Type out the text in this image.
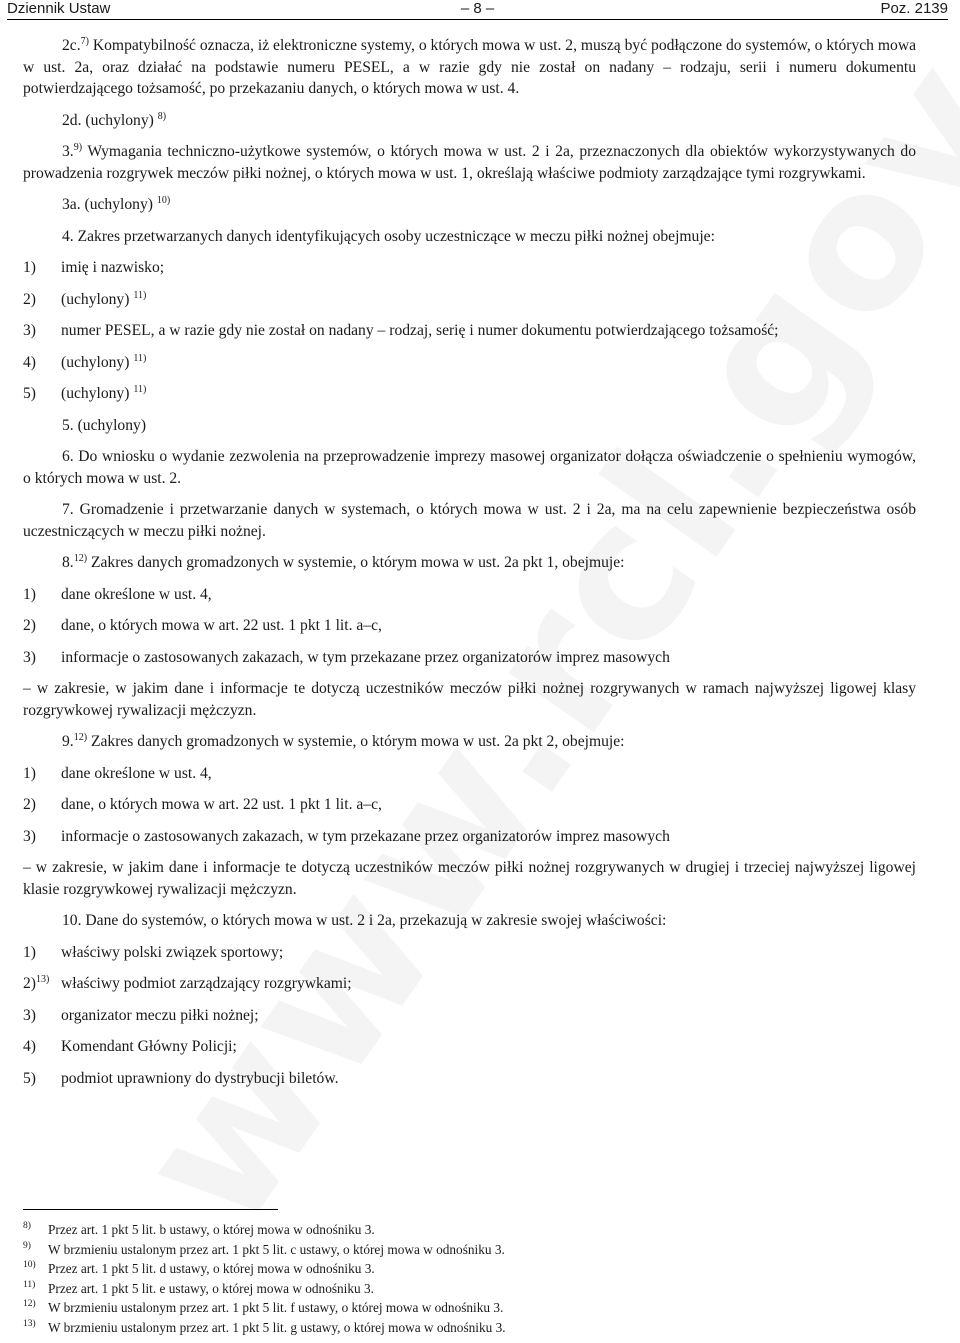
Dziennik Ustaw	– 8 –	Poz. 2139

2c.$^{7)}$ Kompatybilność oznacza, iż elektroniczne systemy, o których mowa w ust. 2, muszą być podłączone do systemów, o których mowa w ust. 2a, oraz działać na podstawie numeru PESEL, a w razie gdy nie został on nadany – rodzaju, serii i numeru dokumentu potwierdzającego tożsamość, po przekazaniu danych, o których mowa w ust. 4.

2d. (uchylony) $^{8)}$

3.$^{9)}$ Wymagania techniczno-użytkowe systemów, o których mowa w ust. 2 i 2a, przeznaczonych dla obiektów wykorzystywanych do prowadzenia rozgrywek meczów piłki nożnej, o których mowa w ust. 1, określają właściwe podmioty zarządzające tymi rozgrywkami.

3a. (uchylony) $^{10)}$

4. Zakres przetwarzanych danych identyfikujących osoby uczestniczące w meczu piłki nożnej obejmuje:

1)	imię i nazwisko;
2)	(uchylony) $^{11)}$
3)	numer PESEL, a w razie gdy nie został on nadany – rodzaj, serię i numer dokumentu potwierdzającego tożsamość;
4)	(uchylony) $^{11)}$
5)	(uchylony) $^{11)}$

5. (uchylony)

6. Do wniosku o wydanie zezwolenia na przeprowadzenie imprezy masowej organizator dołącza oświadczenie o spełnieniu wymogów, o których mowa w ust. 2.

7. Gromadzenie i przetwarzanie danych w systemach, o których mowa w ust. 2 i 2a, ma na celu zapewnienie bezpieczeństwa osób uczestniczących w meczu piłki nożnej.

8.$^{12)}$ Zakres danych gromadzonych w systemie, o którym mowa w ust. 2a pkt 1, obejmuje:

1)	dane określone w ust. 4,
2)	dane, o których mowa w art. 22 ust. 1 pkt 1 lit. a–c,
3)	informacje o zastosowanych zakazach, w tym przekazane przez organizatorów imprez masowych

– w zakresie, w jakim dane i informacje te dotyczą uczestników meczów piłki nożnej rozgrywanych w ramach najwyższej ligowej klasy rozgrywkowej rywalizacji mężczyzn.

9.$^{12)}$ Zakres danych gromadzonych w systemie, o którym mowa w ust. 2a pkt 2, obejmuje:

1)	dane określone w ust. 4,
2)	dane, o których mowa w art. 22 ust. 1 pkt 1 lit. a–c,
3)	informacje o zastosowanych zakazach, w tym przekazane przez organizatorów imprez masowych

– w zakresie, w jakim dane i informacje te dotyczą uczestników meczów piłki nożnej rozgrywanych w drugiej i trzeciej najwyższej ligowej klasie rozgrywkowej rywalizacji mężczyzn.

10. Dane do systemów, o których mowa w ust. 2 i 2a, przekazują w zakresie swojej właściwości:

1)	właściwy polski związek sportowy;
2)$^{13)}$ właściwy podmiot zarządzający rozgrywkami;
3)	organizator meczu piłki nożnej;
4)	Komendant Główny Policji;
5)	podmiot uprawniony do dystrybucji biletów.
8)	Przez art. 1 pkt 5 lit. b ustawy, o której mowa w odnośniku 3.
9)	W brzmieniu ustalonym przez art. 1 pkt 5 lit. c ustawy, o której mowa w odnośniku 3.
10) Przez art. 1 pkt 5 lit. d ustawy, o której mowa w odnośniku 3.
11) Przez art. 1 pkt 5 lit. e ustawy, o której mowa w odnośniku 3.
12) W brzmieniu ustalonym przez art. 1 pkt 5 lit. f ustawy, o której mowa w odnośniku 3.
13) W brzmieniu ustalonym przez art. 1 pkt 5 lit. g ustawy, o której mowa w odnośniku 3.
